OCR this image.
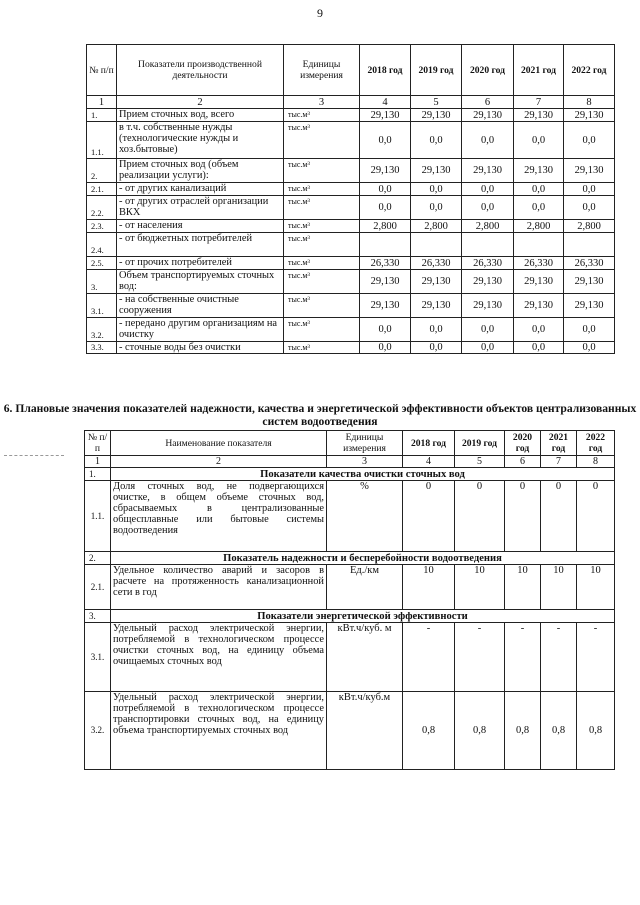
9
№ п/п	Показатели производственной деятельности	Единицы измерения	2018 год	2019 год	2020 год	2021 год	2022 год
1	2	3	4	5	6	7	8
1.	Прием сточных вод, всего	тыс.м³	29,130	29,130	29,130	29,130	29,130
1.1.	в т.ч. собственные нужды (технологические нужды и хоз.бытовые)	тыс.м³	0,0	0,0	0,0	0,0	0,0
2.	Прием сточных вод (объем реализации услуги):	тыс.м³	29,130	29,130	29,130	29,130	29,130
2.1.	- от других канализаций	тыс.м³	0,0	0,0	0,0	0,0	0,0
2.2.	- от других отраслей организации ВКХ	тыс.м³	0,0	0,0	0,0	0,0	0,0
2.3.	- от населения	тыс.м³	2,800	2,800	2,800	2,800	2,800
2.4.	- от бюджетных потребителей	тыс.м³					
2.5.	- от прочих потребителей	тыс.м³	26,330	26,330	26,330	26,330	26,330
3.	Объем транспортируемых сточных вод:	тыс.м³	29,130	29,130	29,130	29,130	29,130
3.1.	- на собственные очистные сооружения	тыс.м³	29,130	29,130	29,130	29,130	29,130
3.2.	- передано другим организациям на очистку	тыс.м³	0,0	0,0	0,0	0,0	0,0
3.3.	- сточные воды без очистки	тыс.м³	0,0	0,0	0,0	0,0	0,0
6. Плановые значения показателей надежности, качества и энергетической эффективности объектов централизованных систем водоотведения
№ п/п	Наименование показателя	Единицы измерения	2018 год	2019 год	2020 год	2021 год	2022 год
1	2	3	4	5	6	7	8
1.	Показатели качества очистки сточных вод						
1.1.	Доля сточных вод, не подвергающихся очистке, в общем объеме сточных вод, сбрасываемых в централизованные общесплавные или бытовые системы водоотведения	%	0	0	0	0	0
2.	Показатель надежности и бесперебойности водоотведения						
2.1.	Удельное количество аварий и засоров в расчете на протяженность канализационной сети в год	Ед./км	10	10	10	10	10
3.	Показатели энергетической эффективности						
3.1.	Удельный расход электрической энергии, потребляемой в технологическом процессе очистки сточных вод, на единицу объема очищаемых сточных вод	кВт.ч/куб. м	-	-	-	-	-
3.2.	Удельный расход электрической энергии, потребляемой в технологическом процессе транспортировки сточных вод, на единицу объема транспортируемых сточных вод	кВт.ч/куб.м	0,8	0,8	0,8	0,8	0,8
